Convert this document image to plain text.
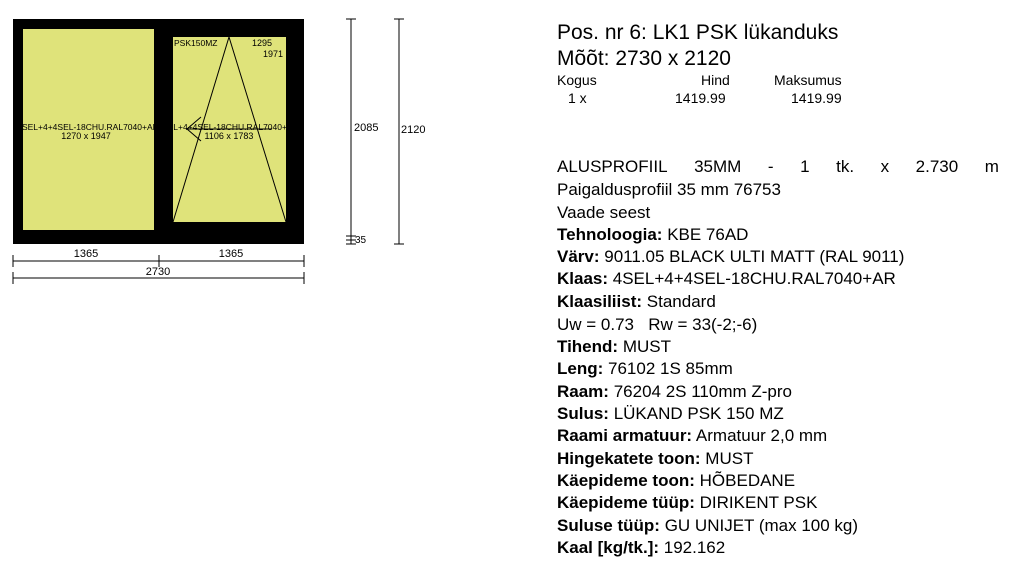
4SEL+4+4SEL-18CHU.RAL7040+AR
1270 x 1947
PSK150MZ	1295
1971
4SEL+4+4SEL-18CHU.RAL7040+AR
1106 x 1783
2085
35
2120
1365	1365
2730
Pos. nr 6: LK1 PSK lükanduks
Mõõt: 2730 x 2120
Kogus	Hind	Maksumus
1 x	1419.99	1419.99
ALUSPROFIIL 35MM - 1 tk. x 2.730 m
Paigaldusprofiil 35 mm 76753
Vaade seest
Tehnoloogia: KBE 76AD
Värv: 9011.05 BLACK ULTI MATT (RAL 9011)
Klaas: 4SEL+4+4SEL-18CHU.RAL7040+AR
Klaasiliist: Standard
Uw = 0.73 Rw = 33(-2;-6)
Tihend: MUST
Leng: 76102 1S 85mm
Raam: 76204 2S 110mm Z-pro
Sulus: LÜKAND PSK 150 MZ
Raami armatuur: Armatuur 2,0 mm
Hingekatete toon: MUST
Käepideme toon: HÕBEDANE
Käepideme tüüp: DIRIKENT PSK
Suluse tüüp: GU UNIJET (max 100 kg)
Kaal [kg/tk.]: 192.162
